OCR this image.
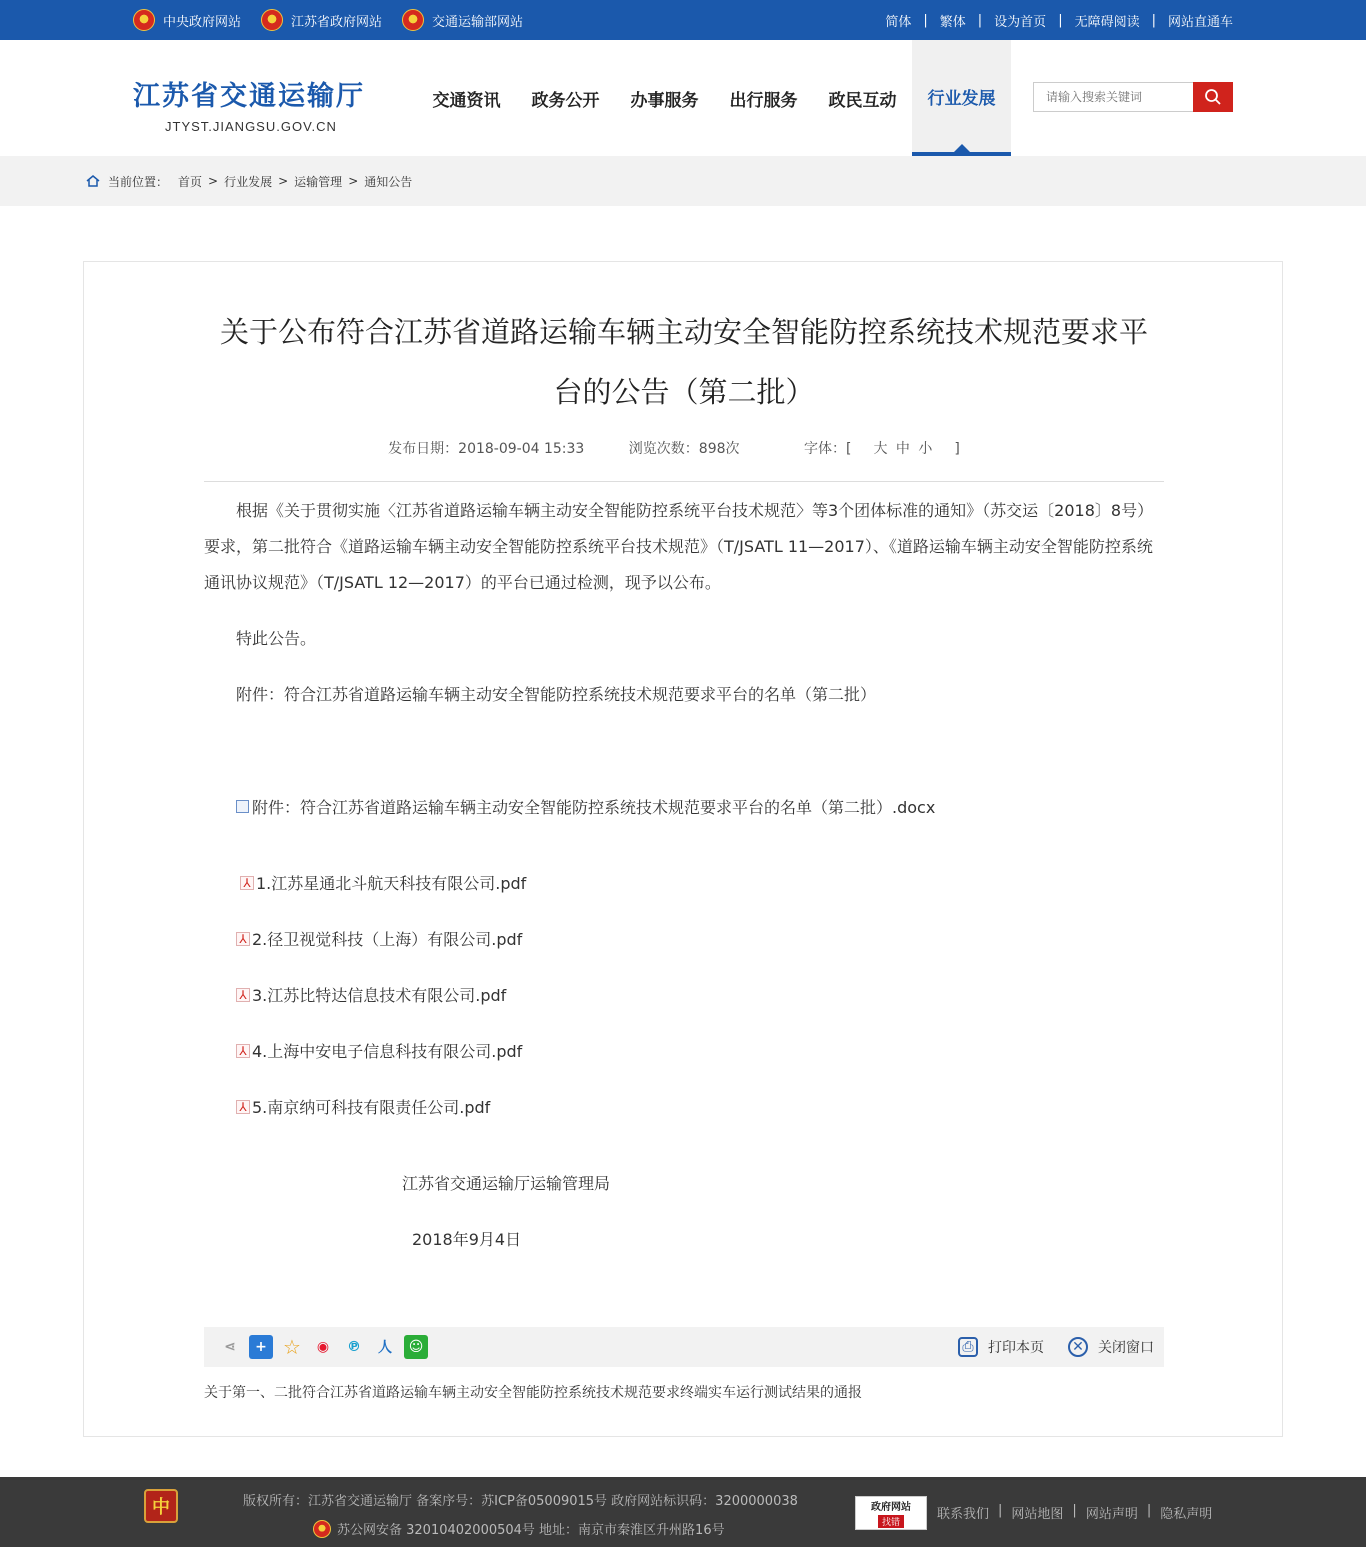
中央政府网站	江苏省政府网站	交通运输部网站	简体 | 繁体 | 设为首页 | 无障碍阅读 | 网站直通车
江苏省交通运输厅
JTYST.JIANGSU.GOV.CN
交通资讯	政务公开	办事服务	出行服务	政民互动	行业发展
请输入搜索关键词
当前位置： 首页 > 行业发展 > 运输管理 > 通知公告
关于公布符合江苏省道路运输车辆主动安全智能防控系统技术规范要求平
台的公告（第二批）
发布日期：2018-09-04 15:33	浏览次数：898次	字体：[ 大 中 小 ]
根据《关于贯彻实施〈江苏省道路运输车辆主动安全智能防控系统平台技术规范〉等3个团体标准的通知》（苏交运〔2018〕8号）要求，第二批符合《道路运输车辆主动安全智能防控系统平台技术规范》（T/JSATL 11—2017）、《道路运输车辆主动安全智能防控系统通讯协议规范》（T/JSATL 12—2017）的平台已通过检测，现予以公布。
特此公告。
附件：符合江苏省道路运输车辆主动安全智能防控系统技术规范要求平台的名单（第二批）
附件：符合江苏省道路运输车辆主动安全智能防控系统技术规范要求平台的名单（第二批）.docx
⅄ 1.江苏星通北斗航天科技有限公司.pdf
⅄ 2.径卫视觉科技（上海）有限公司.pdf
⅄ 3.江苏比特达信息技术有限公司.pdf
⅄ 4.上海中安电子信息科技有限公司.pdf
⅄ 5.南京纳可科技有限责任公司.pdf
江苏省交通运输厅运输管理局
2018年9月4日
⋖	+ ☆	◉	℗	人	☺	⎙	打印本页 ✕ 关闭窗口
关于第一、二批符合江苏省道路运输车辆主动安全智能防控系统技术规范要求终端实车运行测试结果的通报
中	版权所有：江苏省交通运输厅 备案序号：苏ICP备05009015号 政府网站标识码：3200000038
苏公网安备 32010402000504号 地址：南京市秦淮区升州路16号
政府网站
找错
联系我们 | 网站地图 | 网站声明 | 隐私声明
